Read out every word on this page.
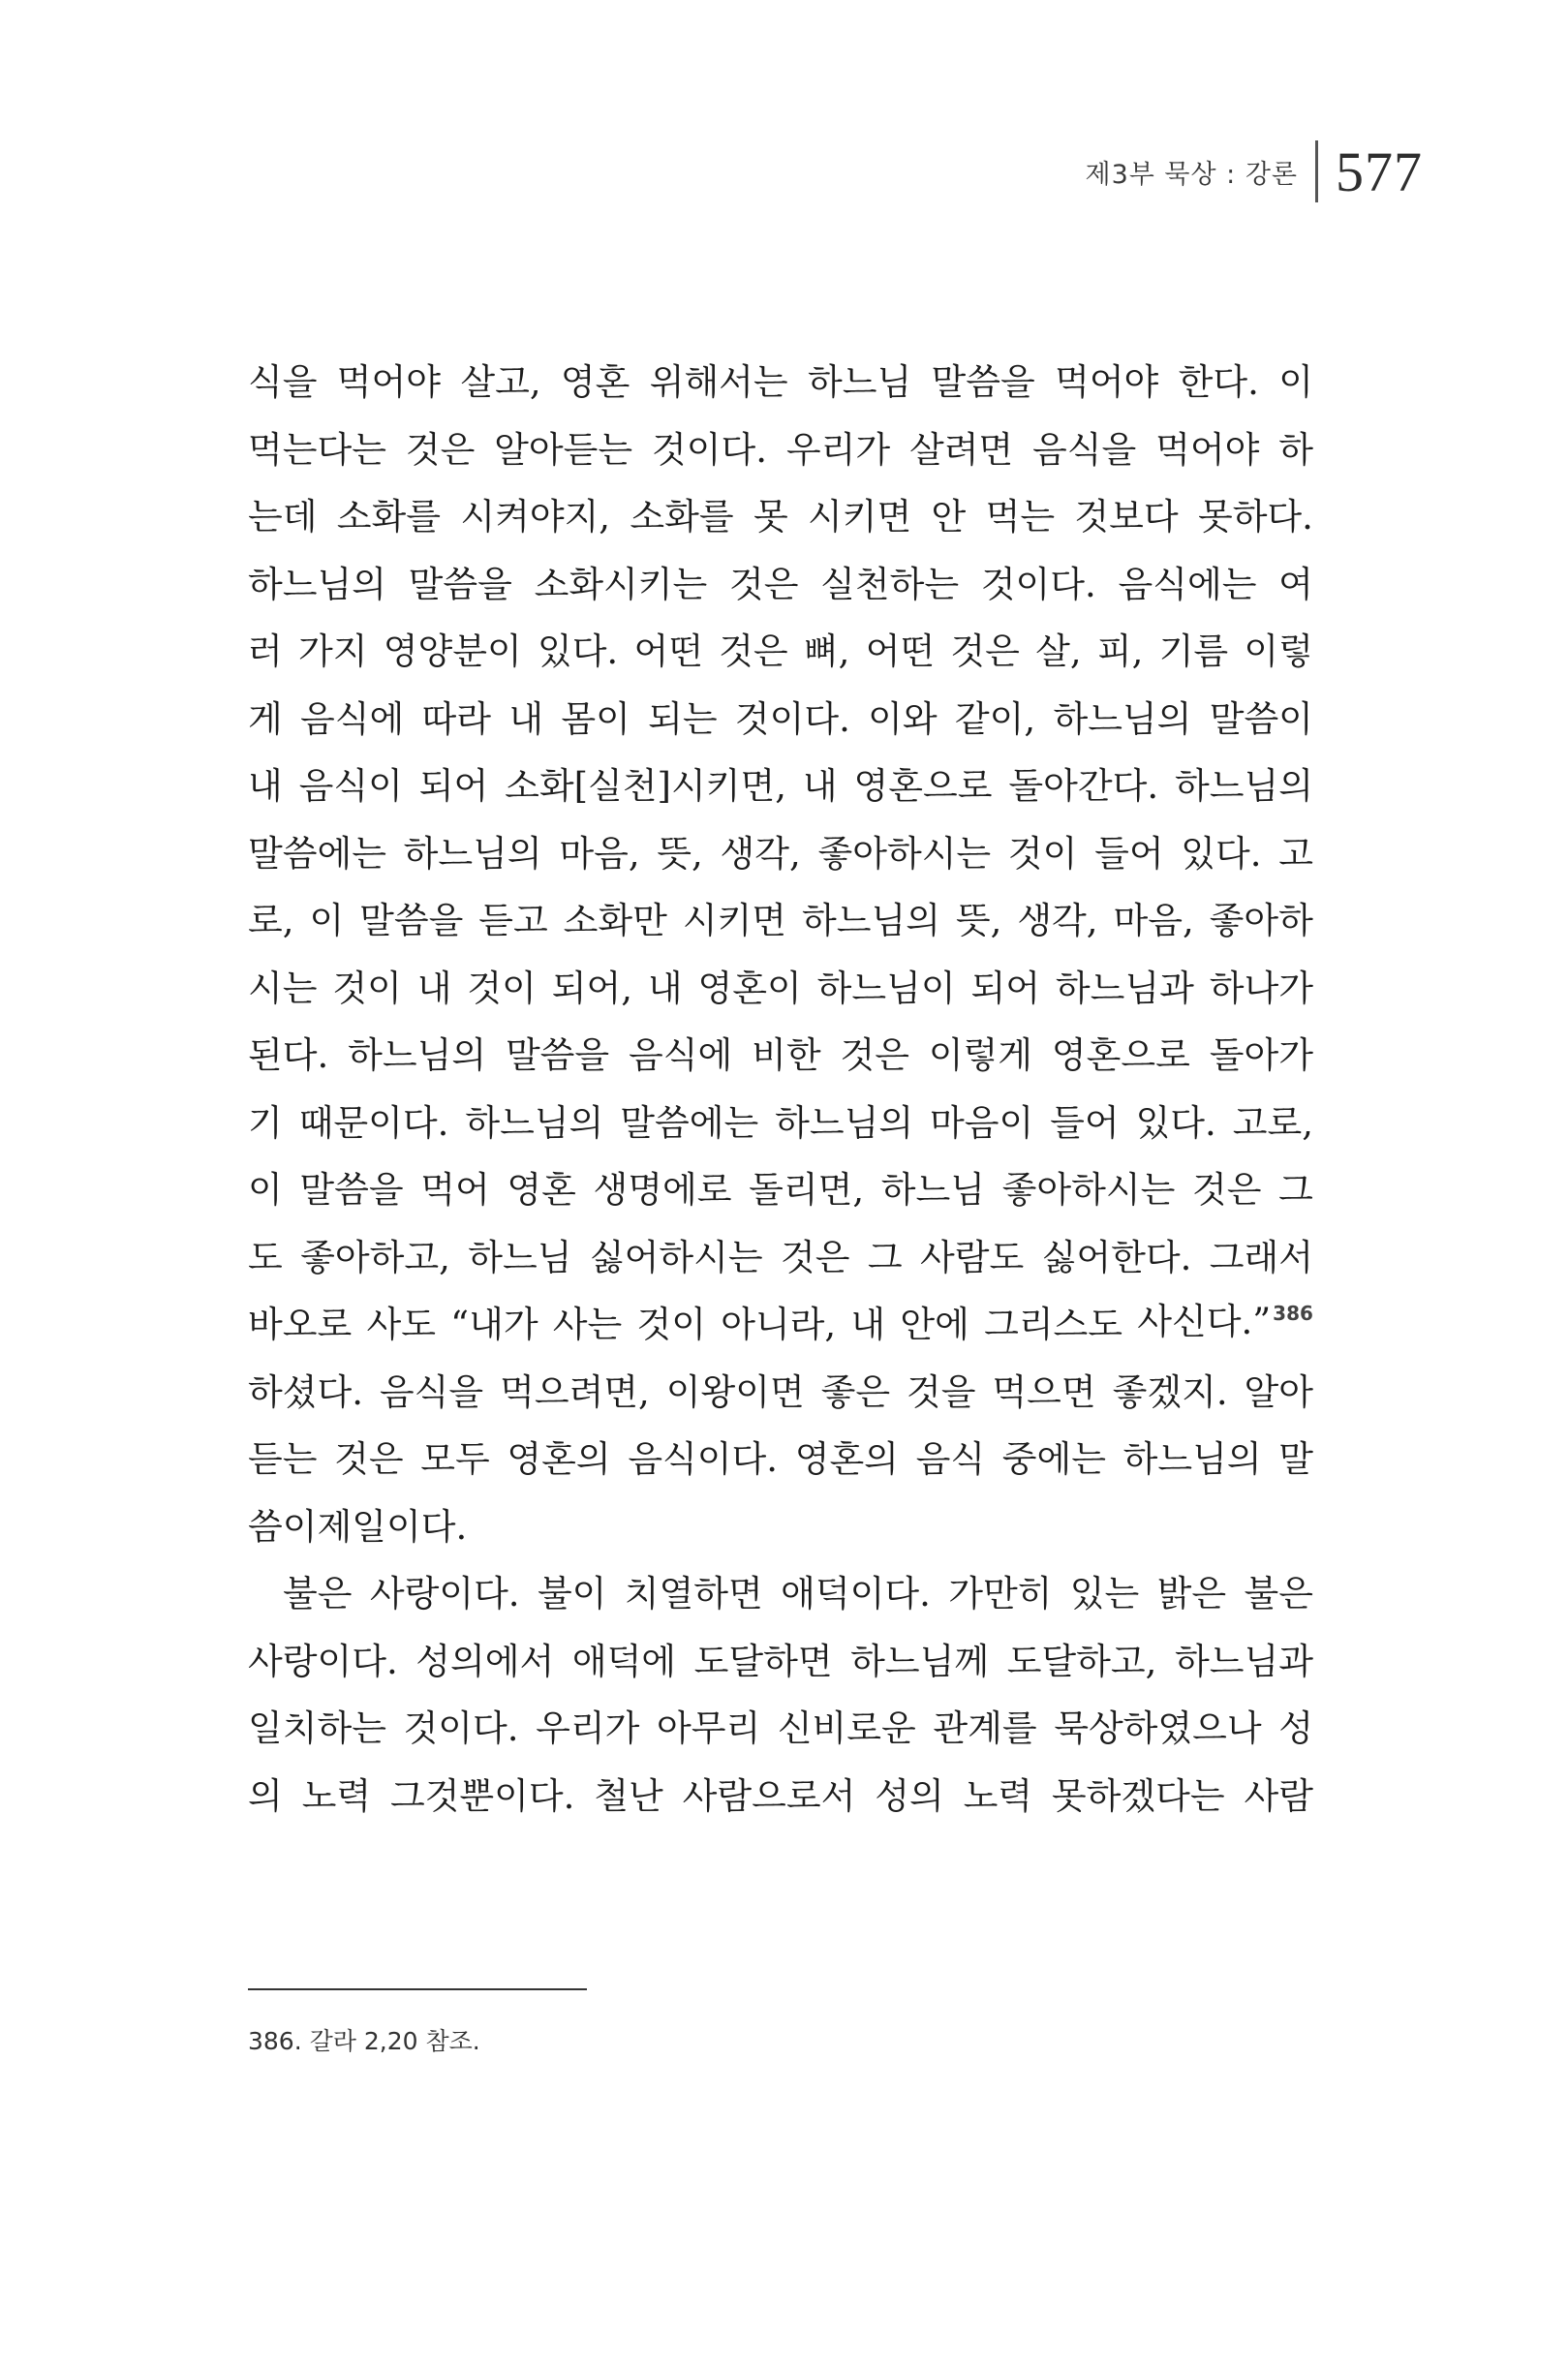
제3부 묵상 : 강론 577
식을 먹어야 살고, 영혼 위해서는 하느님 말씀을 먹어야 한다. 이
먹는다는 것은 알아듣는 것이다. 우리가 살려면 음식을 먹어야 하
는데 소화를 시켜야지, 소화를 못 시키면 안 먹는 것보다 못하다.
하느님의 말씀을 소화시키는 것은 실천하는 것이다. 음식에는 여
러 가지 영양분이 있다. 어떤 것은 뼈, 어떤 것은 살, 피, 기름 이렇
게 음식에 따라 내 몸이 되는 것이다. 이와 같이, 하느님의 말씀이
내 음식이 되어 소화[실천]시키면, 내 영혼으로 돌아간다. 하느님의
말씀에는 하느님의 마음, 뜻, 생각, 좋아하시는 것이 들어 있다. 고
로, 이 말씀을 듣고 소화만 시키면 하느님의 뜻, 생각, 마음, 좋아하
시는 것이 내 것이 되어, 내 영혼이 하느님이 되어 하느님과 하나가
된다. 하느님의 말씀을 음식에 비한 것은 이렇게 영혼으로 돌아가
기 때문이다. 하느님의 말씀에는 하느님의 마음이 들어 있다. 고로,
이 말씀을 먹어 영혼 생명에로 돌리면, 하느님 좋아하시는 것은 그
도 좋아하고, 하느님 싫어하시는 것은 그 사람도 싫어한다. 그래서
바오로 사도 “내가 사는 것이 아니라, 내 안에 그리스도 사신다.” $^{386}$
하셨다. 음식을 먹으려면, 이왕이면 좋은 것을 먹으면 좋겠지. 알아
듣는 것은 모두 영혼의 음식이다. 영혼의 음식 중에는 하느님의 말
씀이 제일이다.
불은 사랑이다. 불이 치열하면 애덕이다. 가만히 있는 밝은 불은
사랑이다. 성의에서 애덕에 도달하면 하느님께 도달하고, 하느님과
일치하는 것이다. 우리가 아무리 신비로운 관계를 묵상하였으나 성
의 노력 그것뿐이다. 철난 사람으로서 성의 노력 못하겠다는 사람
386. 갈라 2,20 참조.
